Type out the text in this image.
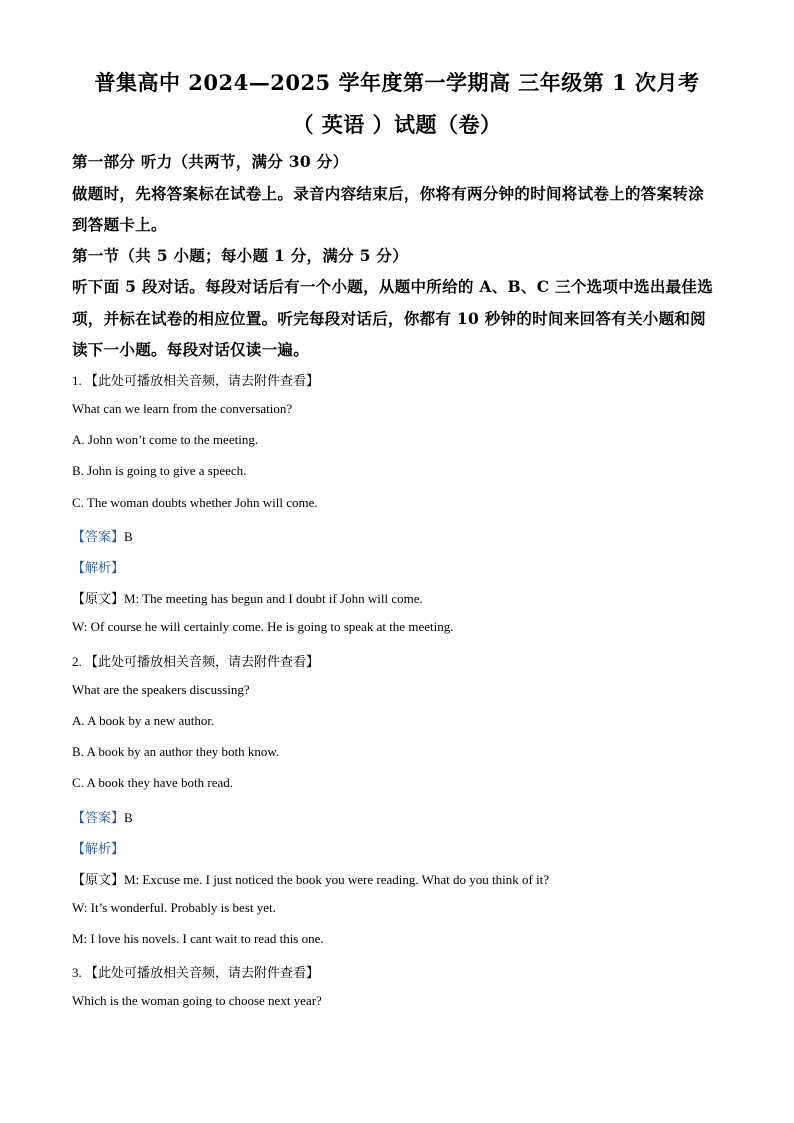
普集高中 2024—2025 学年度第一学期高 三年级第 1 次月考
（ 英语 ）试题（卷）
第一部分 听力（共两节，满分 30 分）
做题时，先将答案标在试卷上。录音内容结束后，你将有两分钟的时间将试卷上的答案转涂
到答题卡上。
第一节（共 5 小题；每小题 1 分，满分 5 分）
听下面 5 段对话。每段对话后有一个小题，从题中所给的 A、B、C 三个选项中选出最佳选
项，并标在试卷的相应位置。听完每段对话后，你都有 10 秒钟的时间来回答有关小题和阅
读下一小题。每段对话仅读一遍。
1. 【此处可播放相关音频，请去附件查看】
What can we learn from the conversation?
A. John won’t come to the meeting.
B. John is going to give a speech.
C. The woman doubts whether John will come.
【答案】B
【解析】
【原文】M: The meeting has begun and I doubt if John will come.
W: Of course he will certainly come. He is going to speak at the meeting.
2. 【此处可播放相关音频，请去附件查看】
What are the speakers discussing?
A. A book by a new author.
B. A book by an author they both know.
C. A book they have both read.
【答案】B
【解析】
【原文】M: Excuse me. I just noticed the book you were reading. What do you think of it?
W: It’s wonderful. Probably is best yet.
M: I love his novels. I cant wait to read this one.
3. 【此处可播放相关音频，请去附件查看】
Which is the woman going to choose next year?
